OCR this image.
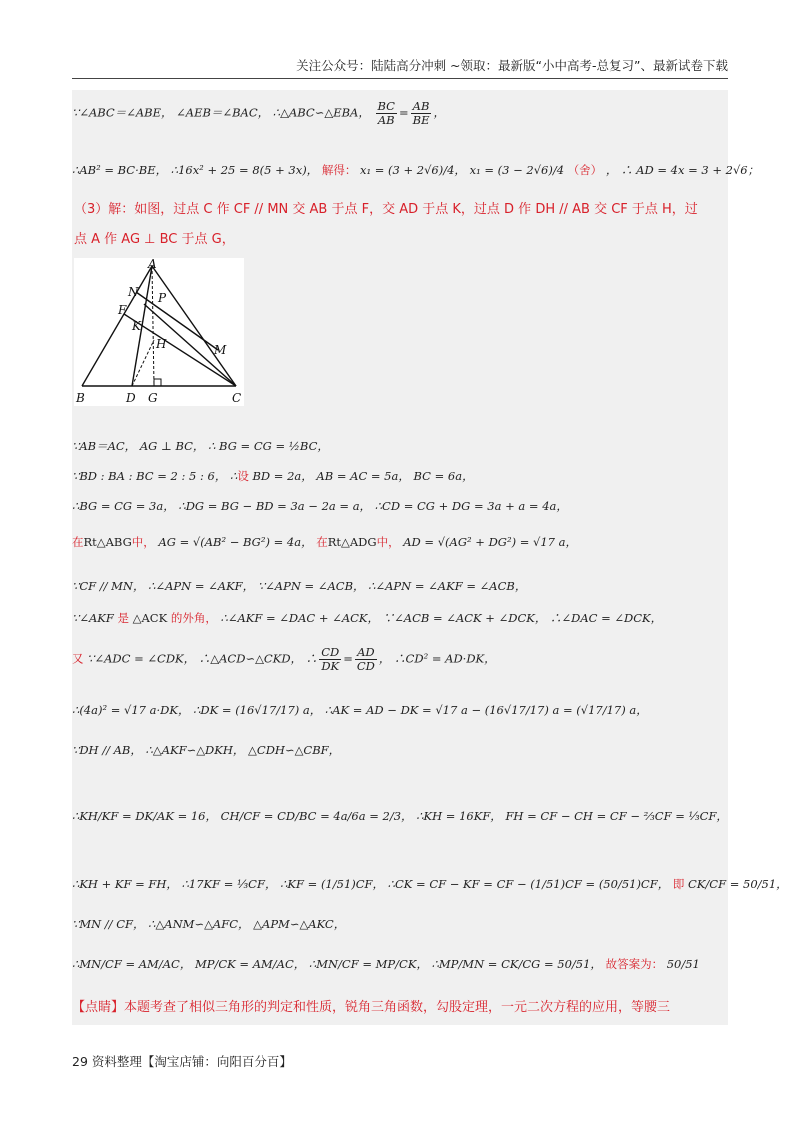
关注公众号：陆陆高分冲刺 ~领取：最新版“小中高考-总复习”、最新试卷下载
∵∠ABC＝∠ABE， ∠AEB＝∠BAC， ∴△ABC∽△EBA， $\frac{BC}{AB} = \frac{AB}{BE}$ ，
∴AB² = BC·BE， ∴16x² + 25 = 8(5 + 3x)， 解得： x₁ = (3 + 2√6)/4， x₁ = (3 − 2√6)/4 （舍） ， ∴ AD = 4x = 3 + 2√6；
（3）解：如图，过点 C 作 CF // MN 交 AB 于点 F，交 AD 于点 K，过点 D 作 DH // AB 交 CF 于点 H，过
点 A 作 AG ⊥ BC 于点 G，
A
N P
F
K
H	M
B	D G	C
∵AB＝AC， AG ⊥ BC， ∴ BG = CG = ½BC，
∵BD : BA : BC = 2 : 5 : 6， ∴设 BD = 2a， AB = AC = 5a， BC = 6a，
∴BG = CG = 3a， ∴DG = BG − BD = 3a − 2a = a， ∴CD = CG + DG = 3a + a = 4a，
在Rt△ABG中， AG = √(AB² − BG²) = 4a， 在Rt△ADG中， AD = √(AG² + DG²) = √17 a，
∵CF // MN， ∴∠APN = ∠AKF， ∵∠APN = ∠ACB， ∴∠APN = ∠AKF = ∠ACB，
∵∠AKF 是 △ACK 的外角， ∴∠AKF = ∠DAC + ∠ACK， ∵∠ACB = ∠ACK + ∠DCK， ∴∠DAC = ∠DCK，
又 ∵∠ADC = ∠CDK， ∴△ACD∽△CKD， ∴ $\frac{CD}{DK} = \frac{AD}{CD}$ ， ∴CD² = AD·DK，
∴(4a)² = √17 a·DK， ∴DK = (16√17/17) a， ∴AK = AD − DK = √17 a − (16√17/17) a = (√17/17) a，
∵DH // AB， ∴△AKF∽△DKH， △CDH∽△CBF，
∴KH/KF = DK/AK = 16， CH/CF = CD/BC = 4a/6a = 2/3， ∴KH = 16KF， FH = CF − CH = CF − ⅔CF = ⅓CF，
∴KH + KF = FH， ∴17KF = ⅓CF， ∴KF = (1/51)CF， ∴CK = CF − KF = CF − (1/51)CF = (50/51)CF， 即 CK/CF = 50/51，
∵MN // CF， ∴△ANM∽△AFC， △APM∽△AKC，
∴MN/CF = AM/AC， MP/CK = AM/AC， ∴MN/CF = MP/CK， ∴MP/MN = CK/CG = 50/51， 故答案为： 50/51
【点睛】本题考查了相似三角形的判定和性质，锐角三角函数，勾股定理，一元二次方程的应用，等腰三
29 资料整理【淘宝店铺：向阳百分百】
